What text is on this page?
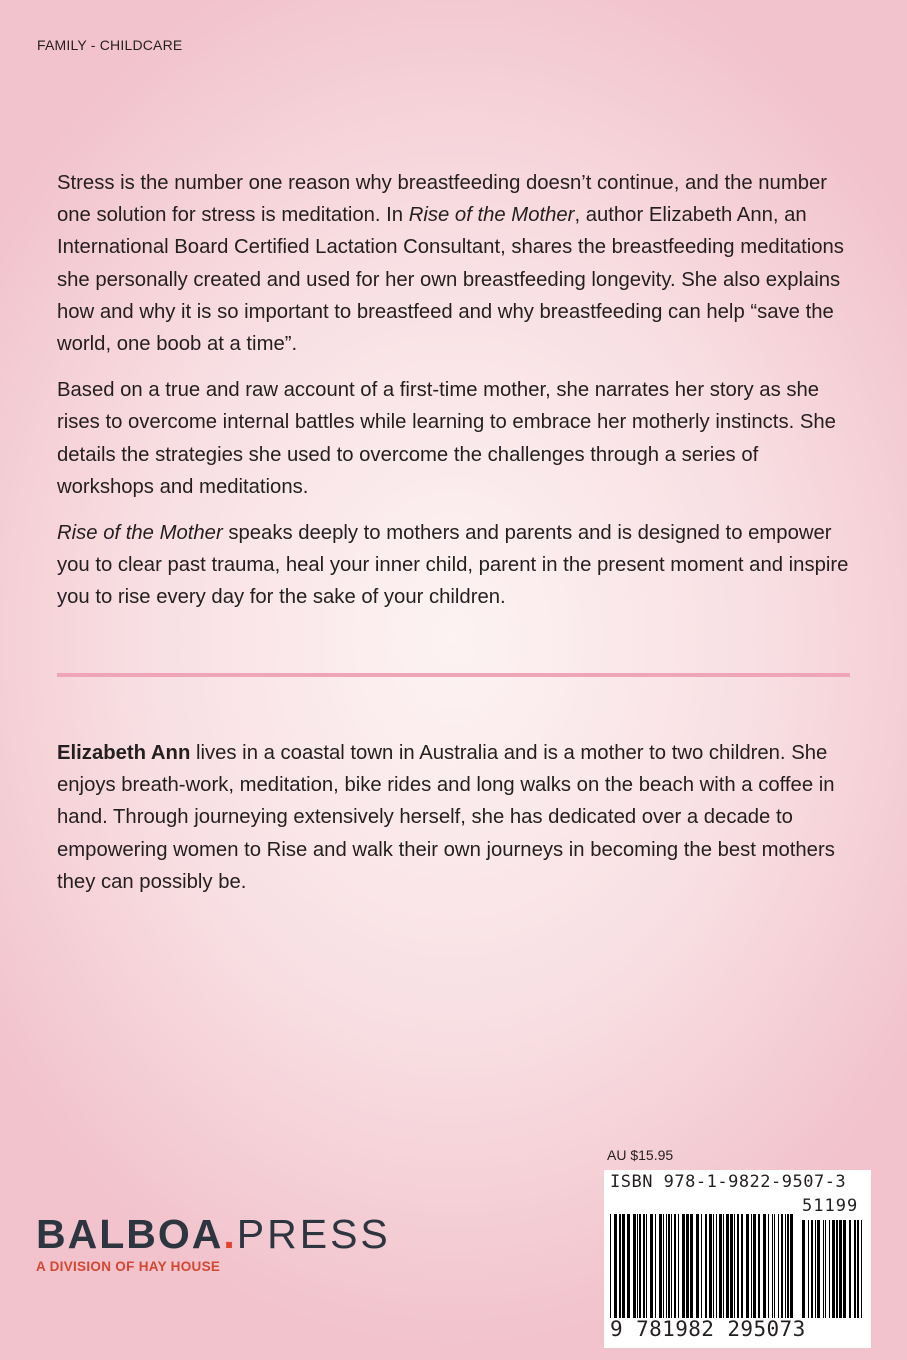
FAMILY - CHILDCARE

Stress is the number one reason why breastfeeding doesn’t continue, and the number one solution for stress is meditation. In Rise of the Mother, author Elizabeth Ann, an International Board Certified Lactation Consultant, shares the breastfeeding meditations she personally created and used for her own breastfeeding longevity. She also explains how and why it is so important to breastfeed and why breastfeeding can help “save the world, one boob at a time”.

Based on a true and raw account of a first-time mother, she narrates her story as she rises to overcome internal battles while learning to embrace her motherly instincts. She details the strategies she used to overcome the challenges through a series of workshops and meditations.

Rise of the Mother speaks deeply to mothers and parents and is designed to empower you to clear past trauma, heal your inner child, parent in the present moment and inspire you to rise every day for the sake of your children.

Elizabeth Ann lives in a coastal town in Australia and is a mother to two children. She enjoys breath-work, meditation, bike rides and long walks on the beach with a coffee in hand. Through journeying extensively herself, she has dedicated over a decade to empowering women to Rise and walk their own journeys in becoming the best mothers they can possibly be.

BALBOA.PRESS
A DIVISION OF HAY HOUSE
AU $15.95
ISBN 978-1-9822-9507-3
51199
9 781982 295073
